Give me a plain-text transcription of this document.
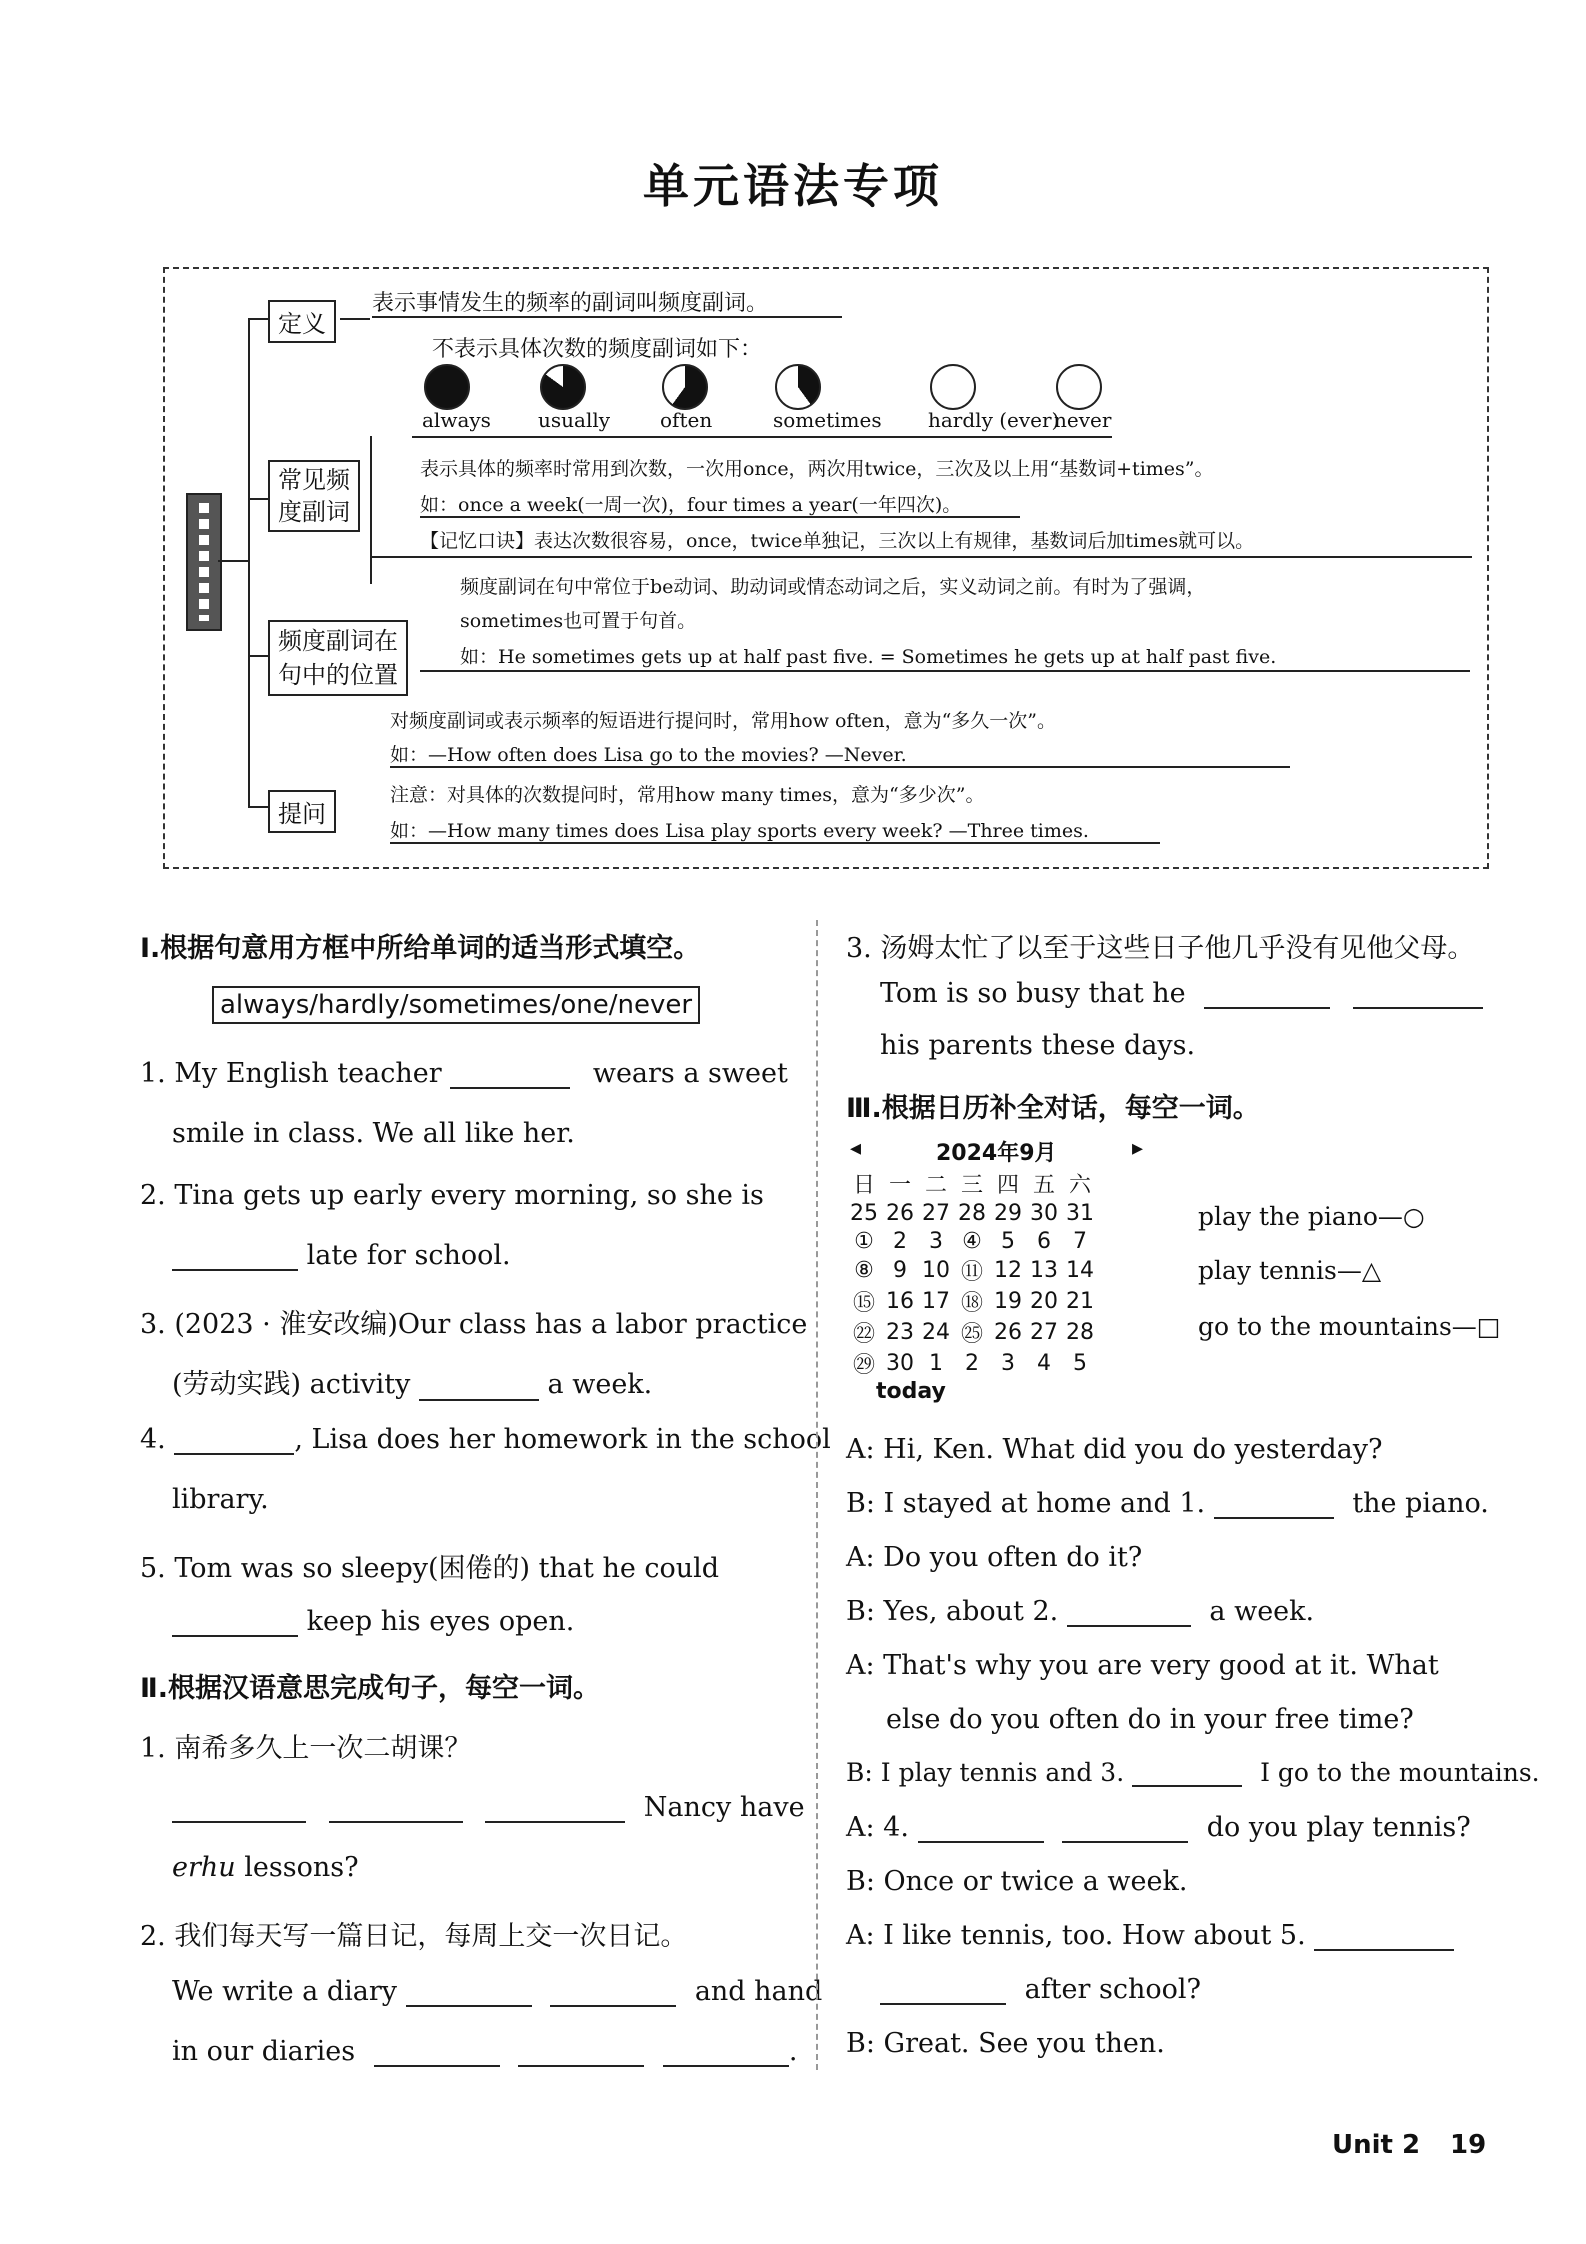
单元语法专项
定义
表示事情发生的频率的副词叫频度副词。
常见频
度副词
不表示具体次数的频度副词如下：
always usually often	sometimes hardly (ever)
never
表示具体的频率时常用到次数，一次用once，两次用twice，三次及以上用“基数词+times”。
如：once a week(一周一次)，four times a year(一年四次)。
【记忆口诀】表达次数很容易，once，twice单独记，三次以上有规律，基数词后加times就可以。
频度副词在
句中的位置
频度副词在句中常位于be动词、助动词或情态动词之后，实义动词之前。有时为了强调，
sometimes也可置于句首。
如：He sometimes gets up at half past five. = Sometimes he gets up at half past five.
对频度副词或表示频率的短语进行提问时，常用how often，意为“多久一次”。
如：—How often does Lisa go to the movies? —Never.
提问
注意：对具体的次数提问时，常用how many times，意为“多少次”。
如：—How many times does Lisa play sports every week? —Three times.
Ⅰ.根据句意用方框中所给单词的适当形式填空。
always/hardly/sometimes/one/never
1. My English teacher	wears a sweet
smile in class. We all like her.
2. Tina gets up early every morning, so she is
late for school.
3. (2023 · 淮安改编)Our class has a labor practice
(劳动实践) activity	a week.
4.	, Lisa does her homework in the school
library.
5. Tom was so sleepy(困倦的) that he could
keep his eyes open.
Ⅱ.根据汉语意思完成句子，每空一词。
1. 南希多久上一次二胡课？
Nancy have
erhu lessons?
2. 我们每天写一篇日记，每周上交一次日记。
We write a diary	and hand
in our diaries	.
3. 汤姆太忙了以至于这些日子他几乎没有见他父母。
Tom is so busy that he
his parents these days.
Ⅲ.根据日历补全对话，每空一词。
◂	2024年9月	▸
日	一	二	三	四	五	六
25	26	27	28	29	30	31
①	2	3	④	5	6	7
⑧	9	10	⑪	12	13	14
⑮	16	17	⑱	19	20	21
㉒	23	24	㉕	26	27	28
㉙	30	1	2	3	4	5
today
play the piano—○
play tennis—△
go to the mountains—□
A: Hi, Ken. What did you do yesterday?
B: I stayed at home and 1.	the piano.
A: Do you often do it?
B: Yes, about 2.	a week.
A: That's why you are very good at it. What
else do you often do in your free time?
B: I play tennis and 3.	I go to the mountains.
A: 4.	do you play tennis?
B: Once or twice a week.
A: I like tennis, too. How about 5.
after school?
B: Great. See you then.
Unit 2 19
